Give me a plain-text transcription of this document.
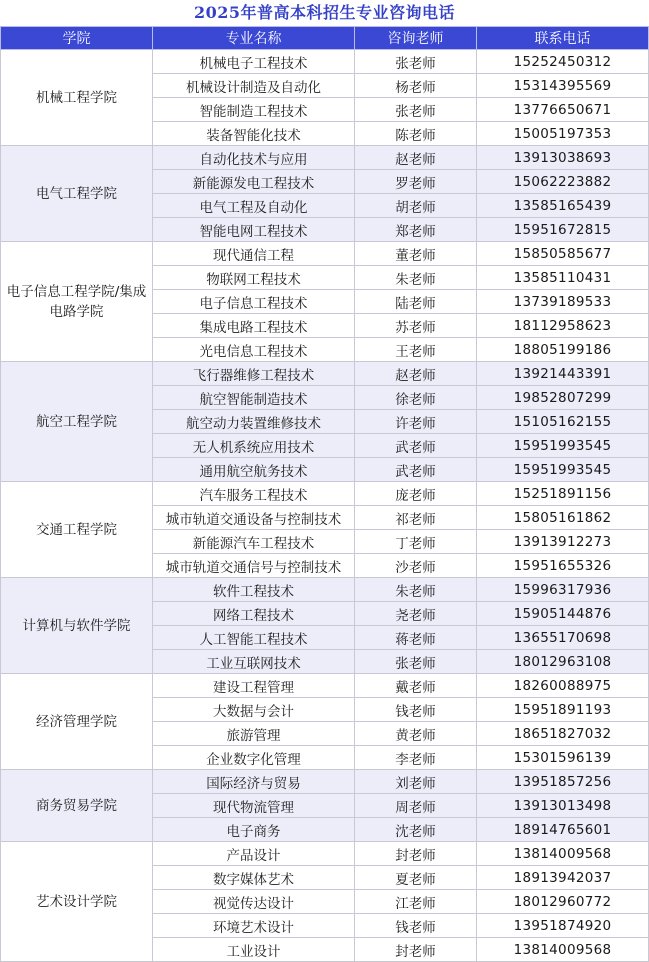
2025年普高本科招生专业咨询电话
学院	专业名称	咨询老师	联系电话
机械工程学院	机械电子工程技术	张老师	15252450312
	机械设计制造及自动化	杨老师	15314395569
	智能制造工程技术	张老师	13776650671
	装备智能化技术	陈老师	15005197353
电气工程学院	自动化技术与应用	赵老师	13913038693
	新能源发电工程技术	罗老师	15062223882
	电气工程及自动化	胡老师	13585165439
	智能电网工程技术	郑老师	15951672815
电子信息工程学院/集成电路学院	现代通信工程	董老师	15850585677
	物联网工程技术	朱老师	13585110431
	电子信息工程技术	陆老师	13739189533
	集成电路工程技术	苏老师	18112958623
	光电信息工程技术	王老师	18805199186
航空工程学院	飞行器维修工程技术	赵老师	13921443391
	航空智能制造技术	徐老师	19852807299
	航空动力装置维修技术	许老师	15105162155
	无人机系统应用技术	武老师	15951993545
	通用航空航务技术	武老师	15951993545
交通工程学院	汽车服务工程技术	庞老师	15251891156
	城市轨道交通设备与控制技术	祁老师	15805161862
	新能源汽车工程技术	丁老师	13913912273
	城市轨道交通信号与控制技术	沙老师	15951655326
计算机与软件学院	软件工程技术	朱老师	15996317936
	网络工程技术	尧老师	15905144876
	人工智能工程技术	蒋老师	13655170698
	工业互联网技术	张老师	18012963108
经济管理学院	建设工程管理	戴老师	18260088975
	大数据与会计	钱老师	15951891193
	旅游管理	黄老师	18651827032
	企业数字化管理	李老师	15301596139
商务贸易学院	国际经济与贸易	刘老师	13951857256
	现代物流管理	周老师	13913013498
	电子商务	沈老师	18914765601
艺术设计学院	产品设计	封老师	13814009568
	数字媒体艺术	夏老师	18913942037
	视觉传达设计	江老师	18012960772
	环境艺术设计	钱老师	13951874920
	工业设计	封老师	13814009568
